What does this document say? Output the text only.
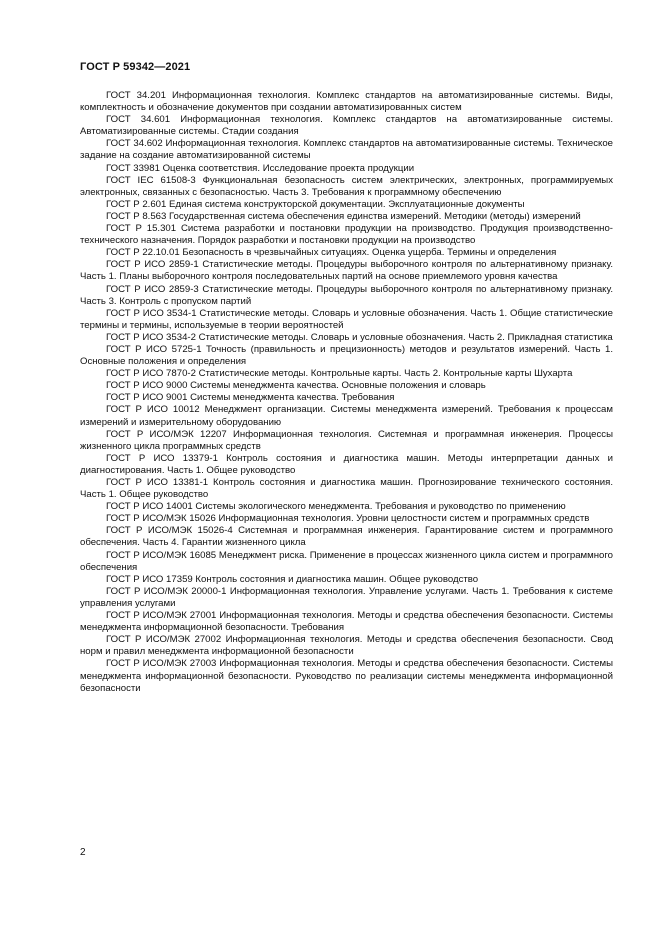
ГОСТ Р 59342—2021

ГОСТ 34.201 Информационная технология. Комплекс стандартов на автоматизированные системы. Виды, комплектность и обозначение документов при создании автоматизированных систем

ГОСТ 34.601 Информационная технология. Комплекс стандартов на автоматизированные системы. Автоматизированные системы. Стадии создания

ГОСТ 34.602 Информационная технология. Комплекс стандартов на автоматизированные системы. Техническое задание на создание автоматизированной системы

ГОСТ 33981 Оценка соответствия. Исследование проекта продукции

ГОСТ IEC 61508-3 Функциональная безопасность систем электрических, электронных, программируемых электронных, связанных с безопасностью. Часть 3. Требования к программному обеспечению

ГОСТ Р 2.601 Единая система конструкторской документации. Эксплуатационные документы

ГОСТ Р 8.563 Государственная система обеспечения единства измерений. Методики (методы) измерений

ГОСТ Р 15.301 Система разработки и постановки продукции на производство. Продукция производственно-технического назначения. Порядок разработки и постановки продукции на производство

ГОСТ Р 22.10.01 Безопасность в чрезвычайных ситуациях. Оценка ущерба. Термины и определения

ГОСТ Р ИСО 2859-1 Статистические методы. Процедуры выборочного контроля по альтернативному признаку. Часть 1. Планы выборочного контроля последовательных партий на основе приемлемого уровня качества

ГОСТ Р ИСО 2859-3 Статистические методы. Процедуры выборочного контроля по альтернативному признаку. Часть 3. Контроль с пропуском партий

ГОСТ Р ИСО 3534-1 Статистические методы. Словарь и условные обозначения. Часть 1. Общие статистические термины и термины, используемые в теории вероятностей

ГОСТ Р ИСО 3534-2 Статистические методы. Словарь и условные обозначения. Часть 2. Прикладная статистика

ГОСТ Р ИСО 5725-1 Точность (правильность и прецизионность) методов и результатов измерений. Часть 1. Основные положения и определения

ГОСТ Р ИСО 7870-2 Статистические методы. Контрольные карты. Часть 2. Контрольные карты Шухарта

ГОСТ Р ИСО 9000 Системы менеджмента качества. Основные положения и словарь

ГОСТ Р ИСО 9001 Системы менеджмента качества. Требования

ГОСТ Р ИСО 10012 Менеджмент организации. Системы менеджмента измерений. Требования к процессам измерений и измерительному оборудованию

ГОСТ Р ИСО/МЭК 12207 Информационная технология. Системная и программная инженерия. Процессы жизненного цикла программных средств

ГОСТ Р ИСО 13379-1 Контроль состояния и диагностика машин. Методы интерпретации данных и диагностирования. Часть 1. Общее руководство

ГОСТ Р ИСО 13381-1 Контроль состояния и диагностика машин. Прогнозирование технического состояния. Часть 1. Общее руководство

ГОСТ Р ИСО 14001 Системы экологического менеджмента. Требования и руководство по применению

ГОСТ Р ИСО/МЭК 15026 Информационная технология. Уровни целостности систем и программных средств

ГОСТ Р ИСО/МЭК 15026-4 Системная и программная инженерия. Гарантирование систем и программного обеспечения. Часть 4. Гарантии жизненного цикла

ГОСТ Р ИСО/МЭК 16085 Менеджмент риска. Применение в процессах жизненного цикла систем и программного обеспечения

ГОСТ Р ИСО 17359 Контроль состояния и диагностика машин. Общее руководство

ГОСТ Р ИСО/МЭК 20000-1 Информационная технология. Управление услугами. Часть 1. Требования к системе управления услугами

ГОСТ Р ИСО/МЭК 27001 Информационная технология. Методы и средства обеспечения безопасности. Системы менеджмента информационной безопасности. Требования

ГОСТ Р ИСО/МЭК 27002 Информационная технология. Методы и средства обеспечения безопасности. Свод норм и правил менеджмента информационной безопасности

ГОСТ Р ИСО/МЭК 27003 Информационная технология. Методы и средства обеспечения безопасности. Системы менеджмента информационной безопасности. Руководство по реализации системы менеджмента информационной безопасности

2
